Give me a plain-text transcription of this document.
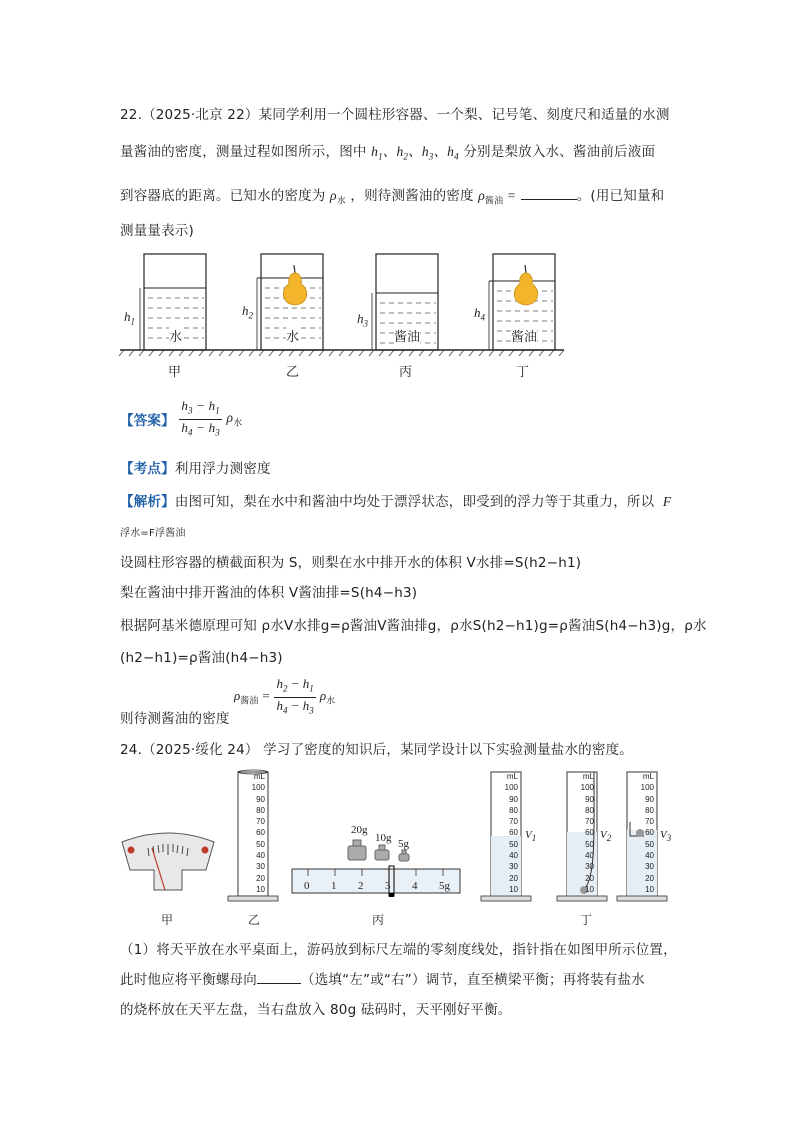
22.（2025·北京 22）某同学利用一个圆柱形容器、一个梨、记号笔、刻度尺和适量的水测
量酱油的密度，测量过程如图所示，图中 $h_1$、$h_2$、$h_3$、$h_4$ 分别是梨放入水、酱油前后液面
到容器底的距离。已知水的密度为 $\rho_水$ ，则待测酱油的密度 $\rho_{酱油}$ =	。(用已知量和
测量量表示)
$h_1$
$h_2$	$h_3$
$h_4$
水	水	酱油	酱油
甲	乙	丙	丁
【答案】 $\frac{h_3 - h_1}{h_4 - h_3} \rho_水$
【考点】利用浮力测密度
【解析】由图可知，梨在水中和酱油中均处于漂浮状态，即受到的浮力等于其重力，所以 F
浮水=F浮酱油
设圆柱形容器的横截面积为 S，则梨在水中排开水的体积 V水排=S(h2−h1)
梨在酱油中排开酱油的体积 V酱油排=S(h4−h3)
根据阿基米德原理可知 ρ水V水排g=ρ酱油V酱油排g，ρ水S(h2−h1)g=ρ酱油S(h4−h3)g，ρ水
(h2−h1)=ρ酱油(h4−h3)
则待测酱油的密度
$\rho_{酱油} = \frac{h_2 - h_1}{h_4 - h_3} \rho_水$
24.（2025·绥化 24） 学习了密度的知识后，某同学设计以下实验测量盐水的密度。
mL
100
90
80
70
60
50
40
30
20
10
mL
100
90
80
70
60
50
40
30
20
10
mL
100
90
80
70
60
50
40
30
20
10
mL
100
90
80
70
60
50
40
30
20
10
20g
10g 5g
0 1 2 3 4 5g
$V_1$	$V_2$	$V_3$
甲	乙	丙	丁
（1）将天平放在水平桌面上，游码放到标尺左端的零刻度线处，指针指在如图甲所示位置，
此时他应将平衡螺母向	（选填“左”或“右”）调节，直至横梁平衡；再将装有盐水
的烧杯放在天平左盘，当右盘放入 80g 砝码时，天平刚好平衡。
